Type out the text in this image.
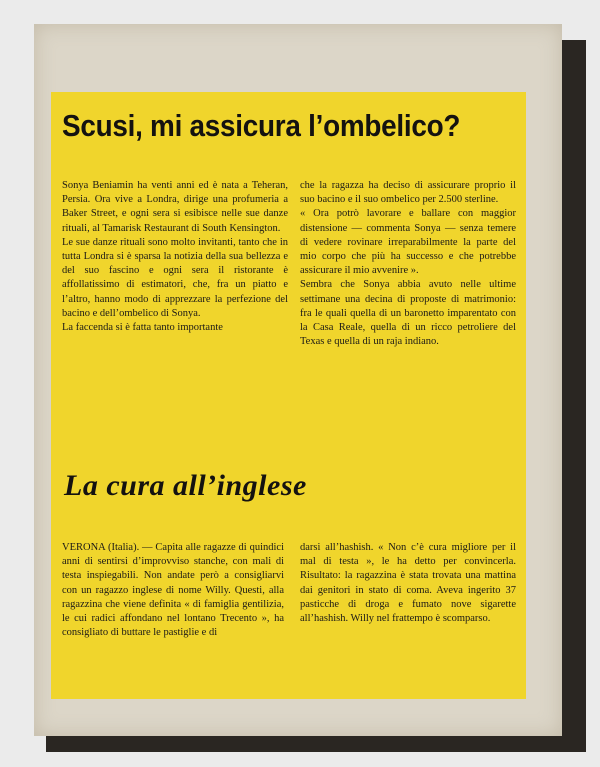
Scusi, mi assicura l’ombelico?

Sonya Beniamin ha venti anni ed è nata a Teheran, Persia. Ora vive a Londra, dirige una profumeria a Baker Street, e ogni sera si esibisce nelle sue danze rituali, al Tamarisk Restaurant di South Kensington.

Le sue danze rituali sono molto invitanti, tanto che in tutta Londra si è sparsa la notizia della sua bellezza e del suo fascino e ogni sera il ristorante è affollatissimo di estimatori, che, fra un piatto e l’altro, hanno modo di apprezzare la perfezione del bacino e dell’ombelico di Sonya.

La faccenda si è fatta tanto importante

che la ragazza ha deciso di assicurare proprio il suo bacino e il suo ombelico per 2.500 sterline.

« Ora potrò lavorare e ballare con maggior distensione — commenta Sonya — senza temere di vedere rovinare irreparabilmente la parte del mio corpo che più ha successo e che potrebbe assicurare il mio avvenire ».

Sembra che Sonya abbia avuto nelle ultime settimane una decina di proposte di matrimonio: fra le quali quella di un baronetto imparentato con la Casa Reale, quella di un ricco petroliere del Texas e quella di un raja indiano.

La cura all’inglese

VERONA (Italia). — Capita alle ragazze di quindici anni di sentirsi d’improvviso stanche, con mali di testa inspiegabili. Non andate però a consigliarvi con un ragazzo inglese di nome Willy. Questi, alla ragazzina che viene definita « di famiglia gentilizia, le cui radici affondano nel lontano Trecento », ha consigliato di buttare le pastiglie e di

darsi all’hashish. « Non c’è cura migliore per il mal di testa », le ha detto per convincerla. Risultato: la ragazzina è stata trovata una mattina dai genitori in stato di coma. Aveva ingerito 37 pasticche di droga e fumato nove sigarette all’hashish. Willy nel frattempo è scomparso.
